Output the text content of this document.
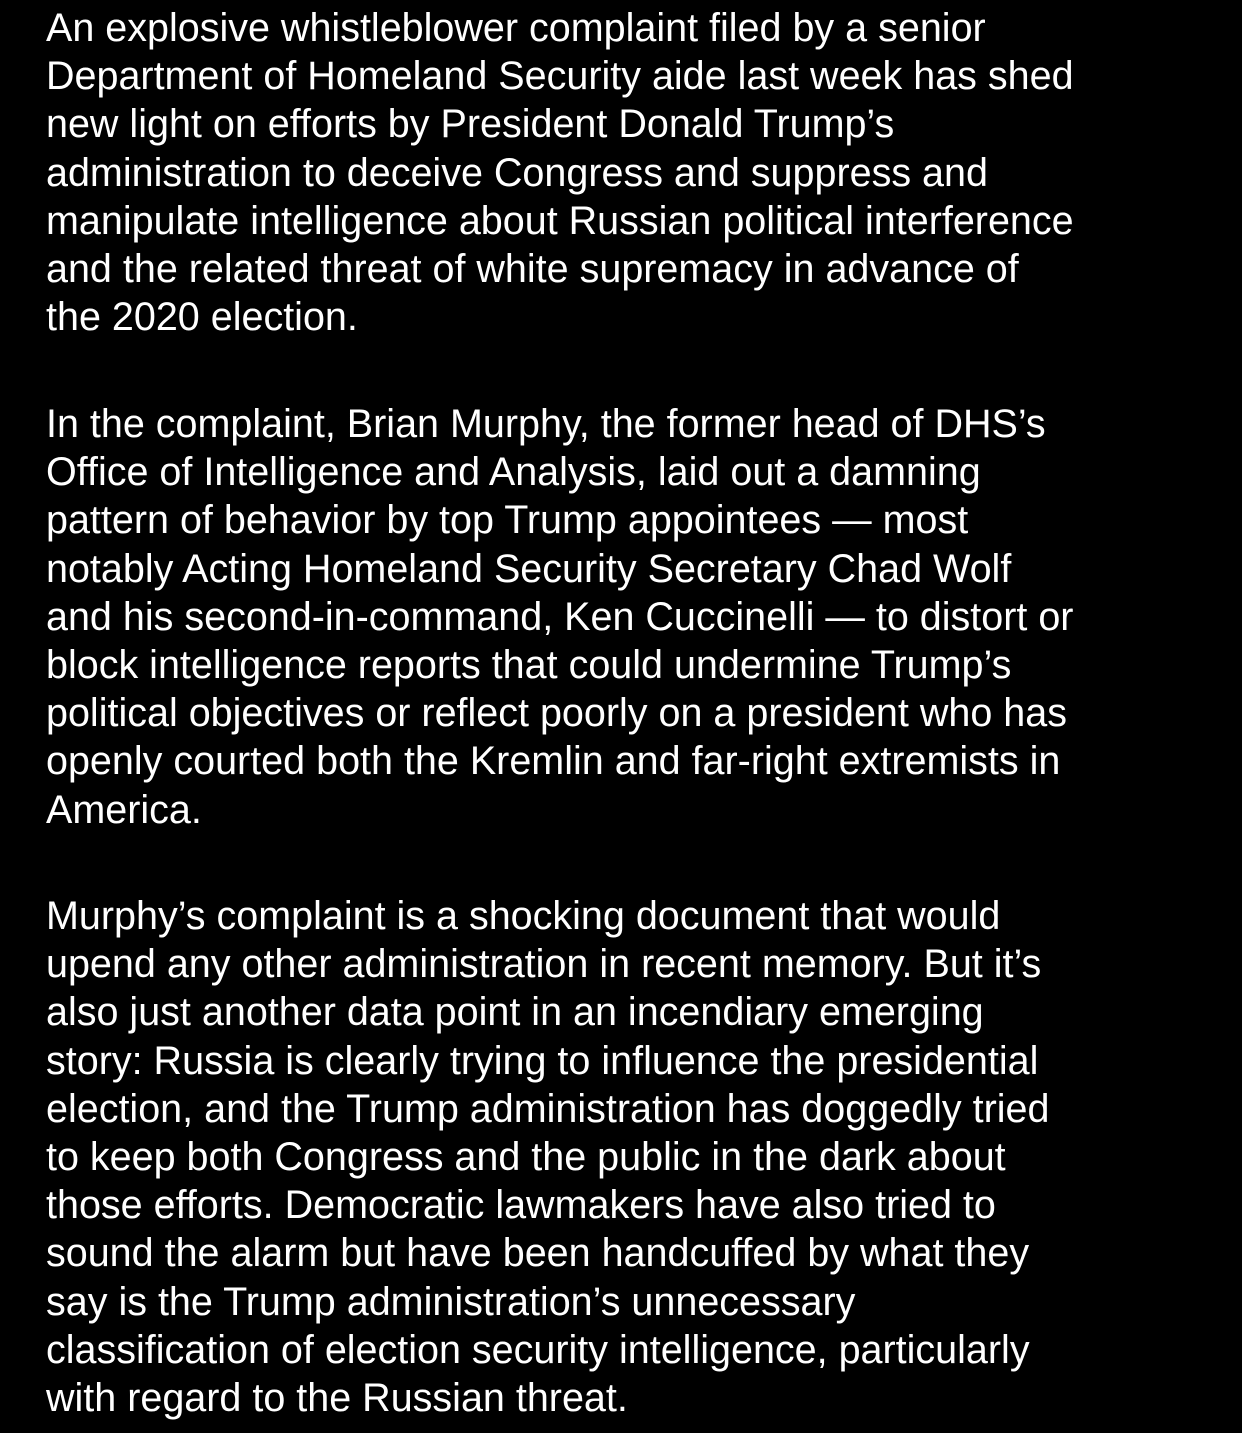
An explosive whistleblower complaint filed by a senior
Department of Homeland Security aide last week has shed
new light on efforts by President Donald Trump’s
administration to deceive Congress and suppress and
manipulate intelligence about Russian political interference
and the related threat of white supremacy in advance of
the 2020 election.

In the complaint, Brian Murphy, the former head of DHS’s
Office of Intelligence and Analysis, laid out a damning
pattern of behavior by top Trump appointees — most
notably Acting Homeland Security Secretary Chad Wolf
and his second-in-command, Ken Cuccinelli — to distort or
block intelligence reports that could undermine Trump’s
political objectives or reflect poorly on a president who has
openly courted both the Kremlin and far-right extremists in
America.

Murphy’s complaint is a shocking document that would
upend any other administration in recent memory. But it’s
also just another data point in an incendiary emerging
story: Russia is clearly trying to influence the presidential
election, and the Trump administration has doggedly tried
to keep both Congress and the public in the dark about
those efforts. Democratic lawmakers have also tried to
sound the alarm but have been handcuffed by what they
say is the Trump administration’s unnecessary
classification of election security intelligence, particularly
with regard to the Russian threat.
